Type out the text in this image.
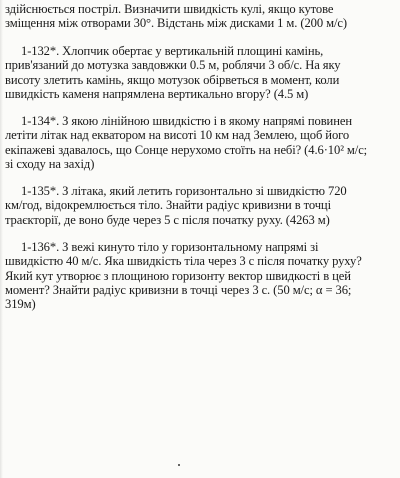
здійснюється постріл. Визначити швидкість кулі, якщо кутове
зміщення між отворами 30°. Відстань між дисками 1 м. (200 м/с)
1-132*. Хлопчик обертає у вертикальній площині камінь,
прив'язаний до мотузка завдовжки 0.5 м, роблячи 3 об/с. На яку
висоту злетить камінь, якщо мотузок обірветься в момент, коли
швидкість каменя напрямлена вертикально вгору? (4.5 м)
1-134*. З якою лінійною швидкістю і в якому напрямі повинен
летіти літак над екватором на висоті 10 км над Землею, щоб його
екіпажеві здавалось, що Сонце нерухомо стоїть на небі? (4.6·10² м/с;
зі сходу на захід)
1-135*. З літака, який летить горизонтально зі швидкістю 720
км/год, відокремлюється тіло. Знайти радіус кривизни в точці
траєкторії, де воно буде через 5 с після початку руху. (4263 м)
1-136*. З вежі кинуто тіло у горизонтальному напрямі зі
швидкістю 40 м/с. Яка швидкість тіла через 3 с після початку руху?
Який кут утворює з площиною горизонту вектор швидкості в цей
момент? Знайти радіус кривизни в точці через 3 с. (50 м/с; α = 36;
319м)
